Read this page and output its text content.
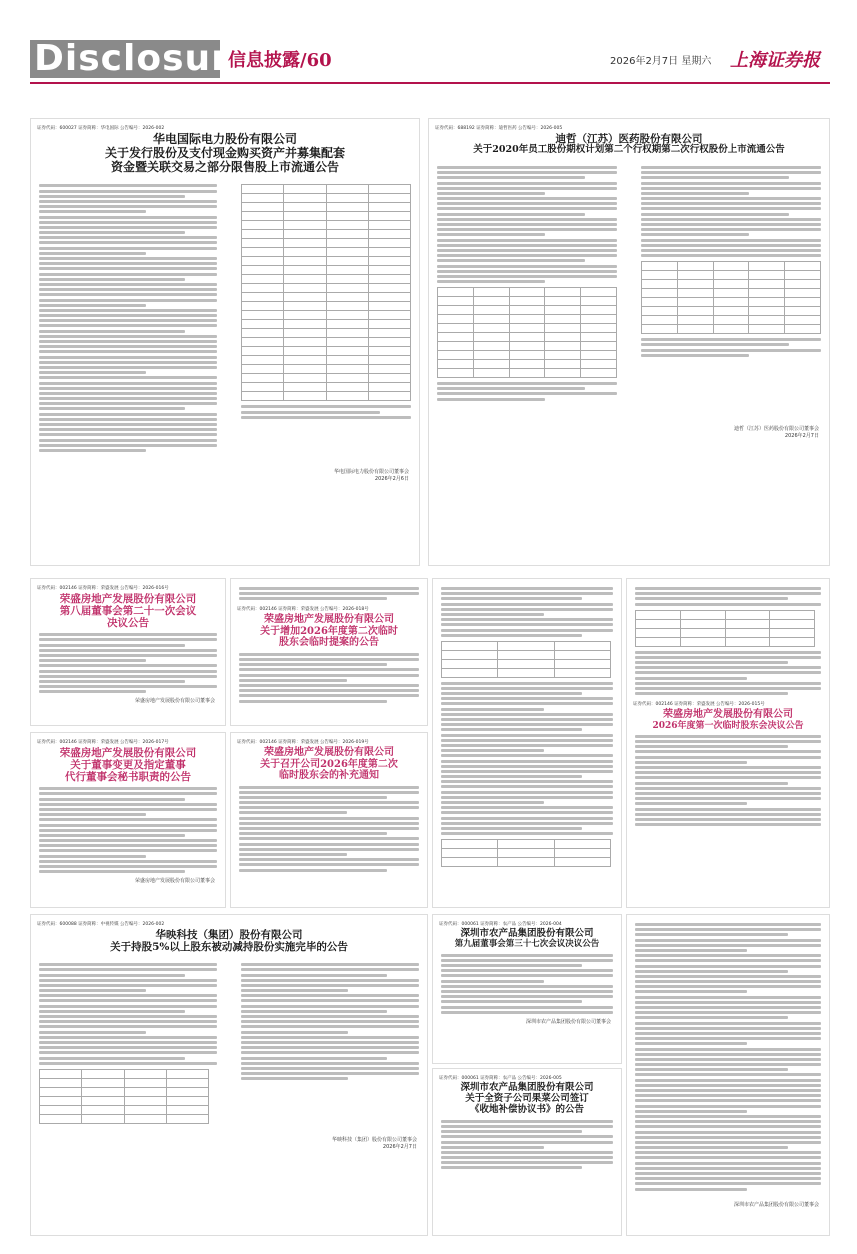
Disclosure
信息披露/60	2026年2月7日 星期六 上海证券报
证券代码：600027 证券简称：华电国际 公告编号：2026-002
华电国际电力股份有限公司
关于发行股份及支付现金购买资产并募集配套
资金暨关联交易之部分限售股上市流通公告

华电国际电力股份有限公司董事会
2026年2月6日
证券代码：688192 证券简称：迪哲医药 公告编号：2026-005
迪哲（江苏）医药股份有限公司
关于2020年员工股份期权计划第二个行权期第二次行权股份上市流通公告

迪哲（江苏）医药股份有限公司董事会
2026年2月7日
证券代码：002146 证券简称：荣盛发展 公告编号：2026-016号
荣盛房地产发展股份有限公司
第八届董事会第二十一次会议
决议公告
荣盛房地产发展股份有限公司董事会
证券代码：002146 证券简称：荣盛发展 公告编号：2026-017号
荣盛房地产发展股份有限公司
关于董事变更及指定董事
代行董事会秘书职责的公告
荣盛房地产发展股份有限公司董事会
证券代码：002146 证券简称：荣盛发展 公告编号：2026-018号
荣盛房地产发展股份有限公司
关于增加2026年度第二次临时
股东会临时提案的公告
证券代码：002146 证券简称：荣盛发展 公告编号：2026-019号
荣盛房地产发展股份有限公司
关于召开公司2026年度第二次
临时股东会的补充通知

证券代码：002146 证券简称：荣盛发展 公告编号：2026-015号
荣盛房地产发展股份有限公司
2026年度第一次临时股东会决议公告
证券代码：600088 证券简称：中视传媒 公告编号：2026-002
华映科技（集团）股份有限公司
关于持股5%以上股东被动减持股份实施完毕的公告

华映科技（集团）股份有限公司董事会
2026年2月7日
证券代码：000061 证券简称：农产品 公告编号：2026-004
深圳市农产品集团股份有限公司
第九届董事会第三十七次会议决议公告
深圳市农产品集团股份有限公司董事会
证券代码：000061 证券简称：农产品 公告编号：2026-005
深圳市农产品集团股份有限公司
关于全资子公司果菜公司签订
《收地补偿协议书》的公告
深圳市农产品集团股份有限公司董事会
